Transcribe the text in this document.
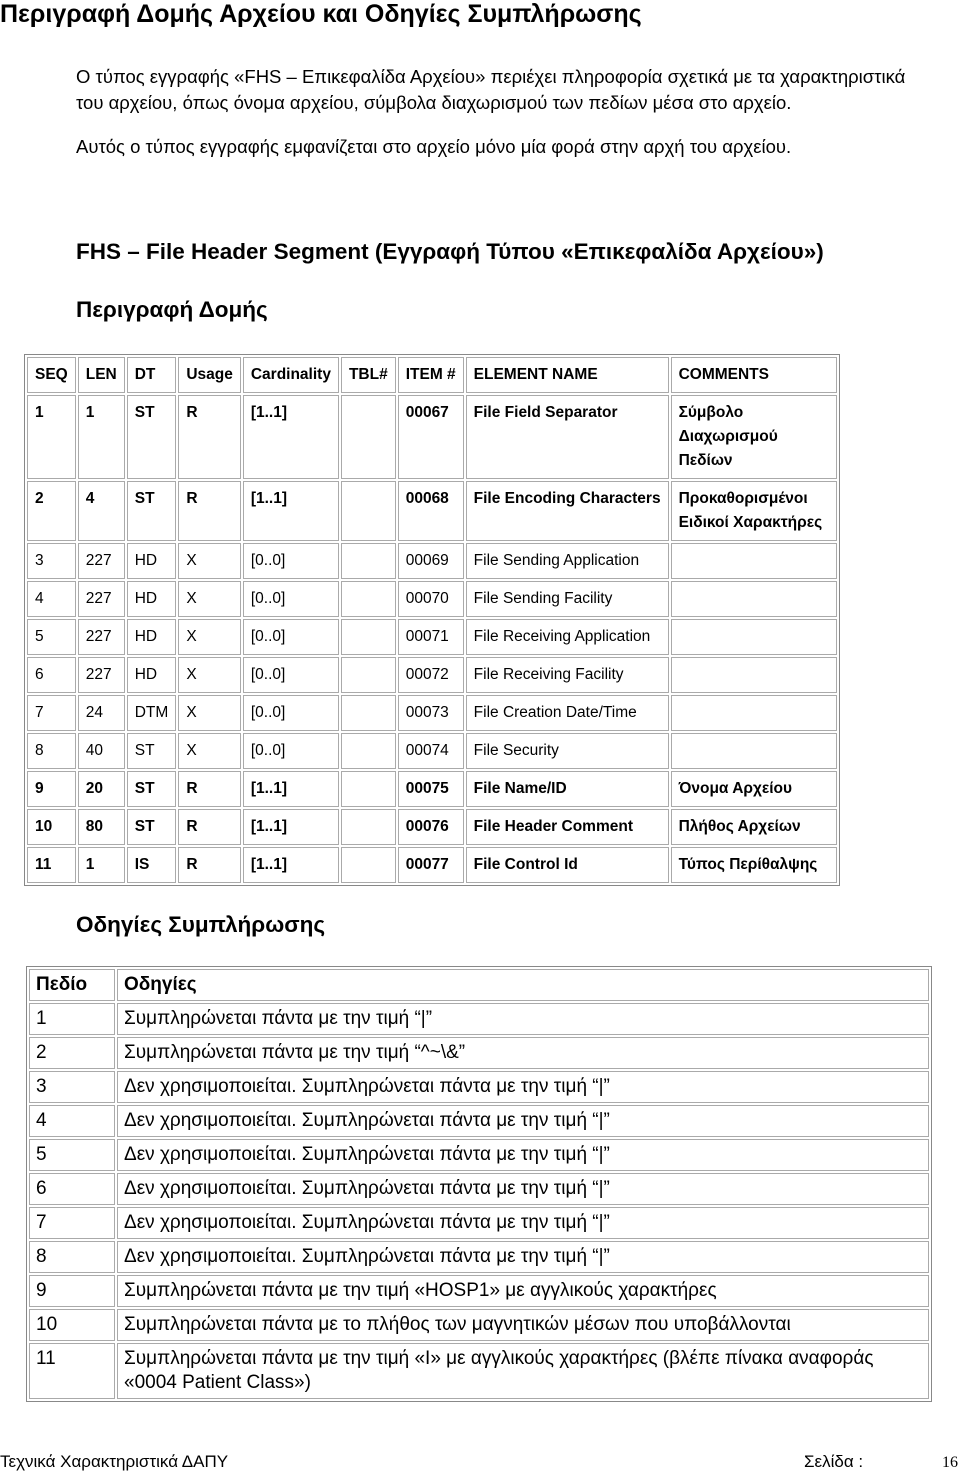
Περιγραφή Δομής Αρχείου και Οδηγίες Συμπλήρωσης

Ο τύπος εγγραφής «FHS – Επικεφαλίδα Αρχείου» περιέχει πληροφορία σχετικά με τα χαρακτηριστικά του αρχείου, όπως όνομα αρχείου, σύμβολα διαχωρισμού των πεδίων μέσα στο αρχείο.

Αυτός ο τύπος εγγραφής εμφανίζεται στο αρχείο μόνο μία φορά στην αρχή του αρχείου.

FHS – File Header Segment (Εγγραφή Τύπου «Επικεφαλίδα Αρχείου»)
Περιγραφή Δομής
SEQ	LEN	DT	Usage	Cardinality	TBL#	ITEM #	ELEMENT NAME	COMMENTS
1	1	ST	R	[1..1]		00067	File Field Separator	Σύμβολο Διαχωρισμού Πεδίων
2	4	ST	R	[1..1]		00068	File Encoding Characters	Προκαθορισμένοι Ειδικοί Χαρακτήρες
3	227	HD	X	[0..0]		00069	File Sending Application	
4	227	HD	X	[0..0]		00070	File Sending Facility	
5	227	HD	X	[0..0]		00071	File Receiving Application	
6	227	HD	X	[0..0]		00072	File Receiving Facility	
7	24	DTM	X	[0..0]		00073	File Creation Date/Time	
8	40	ST	X	[0..0]		00074	File Security	
9	20	ST	R	[1..1]		00075	File Name/ID	Όνομα Αρχείου
10	80	ST	R	[1..1]		00076	File Header Comment	Πλήθος Αρχείων
11	1	IS	R	[1..1]		00077	File Control Id	Τύπος Περίθαλψης
Οδηγίες Συμπλήρωσης
Πεδίο	Οδηγίες
1	Συμπληρώνεται πάντα με την τιμή “|”
2	Συμπληρώνεται πάντα με την τιμή “^~\&”
3	Δεν χρησιμοποιείται. Συμπληρώνεται πάντα με την τιμή “|”
4	Δεν χρησιμοποιείται. Συμπληρώνεται πάντα με την τιμή “|”
5	Δεν χρησιμοποιείται. Συμπληρώνεται πάντα με την τιμή “|”
6	Δεν χρησιμοποιείται. Συμπληρώνεται πάντα με την τιμή “|”
7	Δεν χρησιμοποιείται. Συμπληρώνεται πάντα με την τιμή “|”
8	Δεν χρησιμοποιείται. Συμπληρώνεται πάντα με την τιμή “|”
9	Συμπληρώνεται πάντα με την τιμή «HOSP1» με αγγλικούς χαρακτήρες
10	Συμπληρώνεται πάντα με το πλήθος των μαγνητικών μέσων που υποβάλλονται
11	Συμπληρώνεται πάντα με την τιμή «I» με αγγλικούς χαρακτήρες (βλέπε πίνακα αναφοράς «0004 Patient Class»)
Τεχνικά Χαρακτηριστικά ΔΑΠΥ	Σελίδα :	16
